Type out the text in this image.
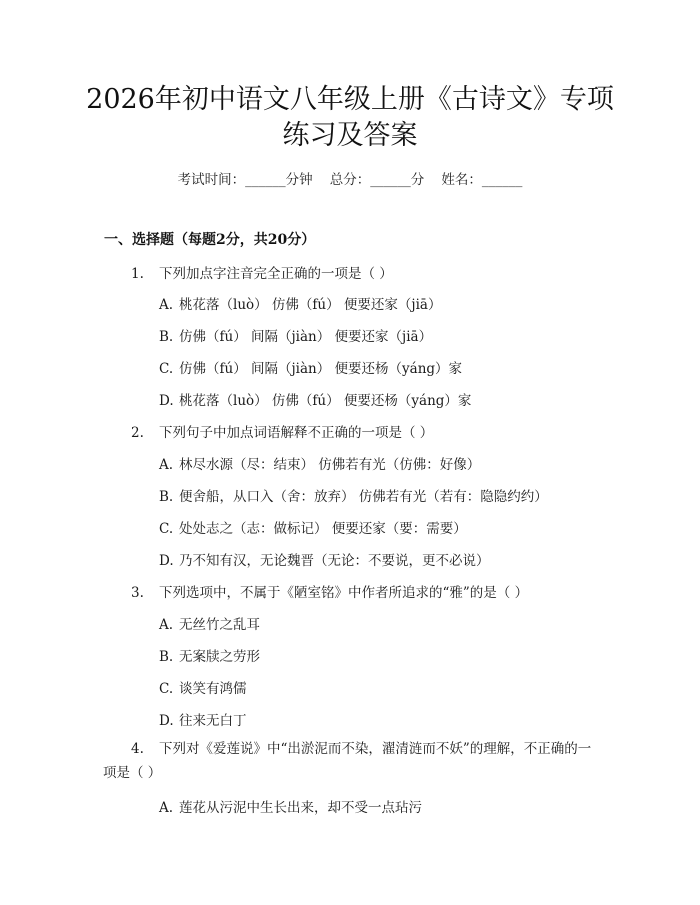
2026年初中语文八年级上册《古诗文》专项
练习及答案
考试时间：______分钟    总分：______分    姓名：______
一、选择题（每题2分，共20分）
1. 下列加点字注音完全正确的一项是（ ）
A. 桃花落（luò） 仿佛（fú） 便要还家（jiā）
B. 仿佛（fú） 间隔（jiàn） 便要还家（jiā）
C. 仿佛（fú） 间隔（jiàn） 便要还杨（yáng）家
D. 桃花落（luò） 仿佛（fú） 便要还杨（yáng）家
2. 下列句子中加点词语解释不正确的一项是（ ）
A. 林尽水源（尽：结束） 仿佛若有光（仿佛：好像）
B. 便舍船，从口入（舍：放弃） 仿佛若有光（若有：隐隐约约）
C. 处处志之（志：做标记） 便要还家（要：需要）
D. 乃不知有汉，无论魏晋（无论：不要说，更不必说）
3. 下列选项中，不属于《陋室铭》中作者所追求的“雅”的是（ ）
A. 无丝竹之乱耳
B. 无案牍之劳形
C. 谈笑有鸿儒
D. 往来无白丁
4. 下列对《爱莲说》中“出淤泥而不染，濯清涟而不妖”的理解，不正确的一项是（ ）
A. 莲花从污泥中生长出来，却不受一点玷污
